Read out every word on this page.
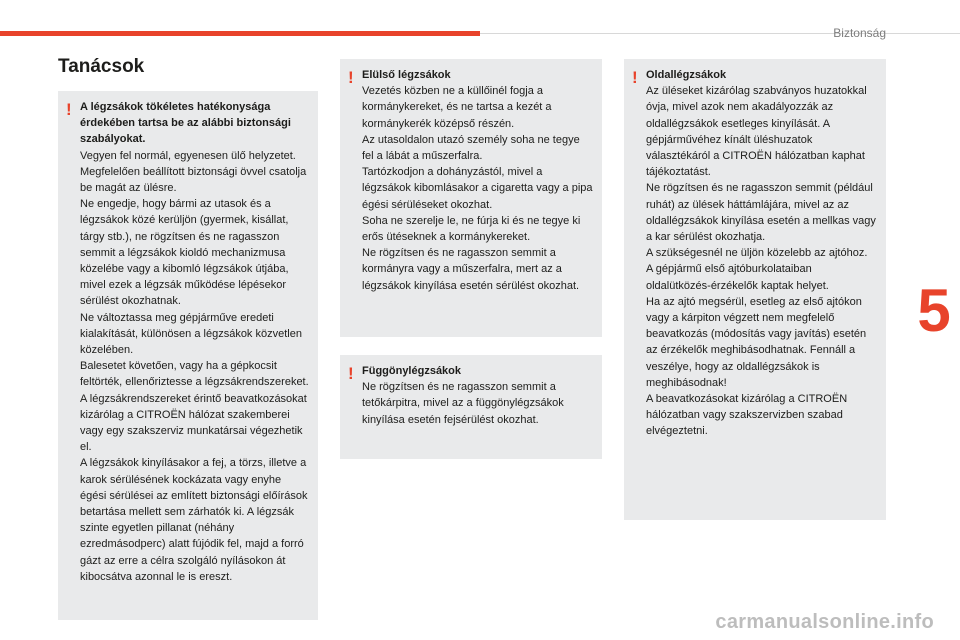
Biztonság
5
Tanácsok
! A légzsákok tökéletes hatékonysága érdekében tartsa be az alábbi biztonsági szabályokat.
Vegyen fel normál, egyenesen ülő helyzetet.
Megfelelően beállított biztonsági övvel csatolja be magát az ülésre.
Ne engedje, hogy bármi az utasok és a légzsákok közé kerüljön (gyermek, kisállat, tárgy stb.), ne rögzítsen és ne ragasszon semmit a légzsákok kioldó mechanizmusa közelébe vagy a kibomló légzsákok útjába, mivel ezek a légzsák működése lépésekor sérülést okozhatnak.
Ne változtassa meg gépjárműve eredeti kialakítását, különösen a légzsákok közvetlen közelében.
Balesetet követően, vagy ha a gépkocsit feltörték, ellenőriztesse a légzsákrendszereket.
A légzsákrendszereket érintő beavatkozásokat kizárólag a CITROËN hálózat szakemberei vagy egy szakszerviz munkatársai végezhetik el.
A légzsákok kinyílásakor a fej, a törzs, illetve a karok sérülésének kockázata vagy enyhe égési sérülései az említett biztonsági előírások betartása mellett sem zárhatók ki. A légzsák szinte egyetlen pillanat (néhány ezredmásodperc) alatt fújódik fel, majd a forró gázt az erre a célra szolgáló nyílásokon át kibocsátva azonnal le is ereszt.
! Elülső légzsákok
Vezetés közben ne a küllőinél fogja a kormánykereket, és ne tartsa a kezét a kormánykerék középső részén.
Az utasoldalon utazó személy soha ne tegye fel a lábát a műszerfalra.
Tartózkodjon a dohányzástól, mivel a légzsákok kibomlásakor a cigaretta vagy a pipa égési sérüléseket okozhat.
Soha ne szerelje le, ne fúrja ki és ne tegye ki erős ütéseknek a kormánykereket.
Ne rögzítsen és ne ragasszon semmit a kormányra vagy a műszerfalra, mert az a légzsákok kinyílása esetén sérülést okozhat.
! Függönylégzsákok
Ne rögzítsen és ne ragasszon semmit a tetőkárpitra, mivel az a függönylégzsákok kinyílása esetén fejsérülést okozhat.
! Oldallégzsákok
Az üléseket kizárólag szabványos huzatokkal óvja, mivel azok nem akadályozzák az oldallégzsákok esetleges kinyílását. A gépjárművéhez kínált üléshuzatok választékáról a CITROËN hálózatban kaphat tájékoztatást.
Ne rögzítsen és ne ragasszon semmit (például ruhát) az ülések háttámlájára, mivel az az oldallégzsákok kinyílása esetén a mellkas vagy a kar sérülést okozhatja.
A szükségesnél ne üljön közelebb az ajtóhoz.
A gépjármű első ajtóburkolataiban oldalütközés-érzékelők kaptak helyet.
Ha az ajtó megsérül, esetleg az első ajtókon vagy a kárpiton végzett nem megfelelő beavatkozás (módosítás vagy javítás) esetén az érzékelők meghibásodhatnak. Fennáll a veszélye, hogy az oldallégzsákok is meghibásodnak!
A beavatkozásokat kizárólag a CITROËN hálózatban vagy szakszervizben szabad elvégeztetni.
carmanualsonline.info
